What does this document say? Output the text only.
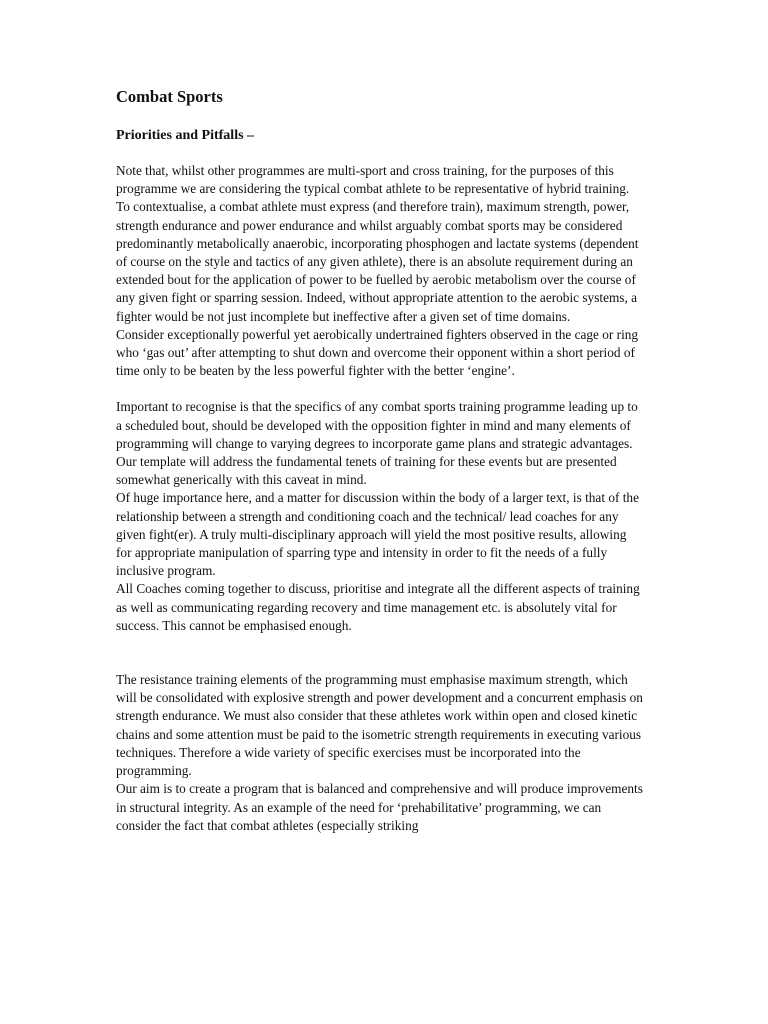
Combat Sports
Priorities and Pitfalls –

Note that, whilst other programmes are multi-sport and cross training, for the purposes of this programme we are considering the typical combat athlete to be representative of hybrid training.

To contextualise, a combat athlete must express (and therefore train), maximum strength, power, strength endurance and power endurance and whilst arguably combat sports may be considered predominantly metabolically anaerobic, incorporating phosphogen and lactate systems (dependent of course on the style and tactics of any given athlete), there is an absolute requirement during an extended bout for the application of power to be fuelled by aerobic metabolism over the course of any given fight or sparring session. Indeed, without appropriate attention to the aerobic systems, a fighter would be not just incomplete but ineffective after a given set of time domains.

Consider exceptionally powerful yet aerobically undertrained fighters observed in the cage or ring who ‘gas out’ after attempting to shut down and overcome their opponent within a short period of time only to be beaten by the less powerful fighter with the better ‘engine’.

Important to recognise is that the specifics of any combat sports training programme leading up to a scheduled bout, should be developed with the opposition fighter in mind and many elements of programming will change to varying degrees to incorporate game plans and strategic advantages. Our template will address the fundamental tenets of training for these events but are presented somewhat generically with this caveat in mind.

Of huge importance here, and a matter for discussion within the body of a larger text, is that of the relationship between a strength and conditioning coach and the technical/ lead coaches for any given fight(er). A truly multi-disciplinary approach will yield the most positive results, allowing for appropriate manipulation of sparring type and intensity in order to fit the needs of a fully inclusive program.

All Coaches coming together to discuss, prioritise and integrate all the different aspects of training as well as communicating regarding recovery and time management etc. is absolutely vital for success. This cannot be emphasised enough.

The resistance training elements of the programming must emphasise maximum strength, which will be consolidated with explosive strength and power development and a concurrent emphasis on strength endurance. We must also consider that these athletes work within open and closed kinetic chains and some attention must be paid to the isometric strength requirements in executing various techniques. Therefore a wide variety of specific exercises must be incorporated into the programming.

Our aim is to create a program that is balanced and comprehensive and will produce improvements in structural integrity. As an example of the need for ‘prehabilitative’ programming, we can consider the fact that combat athletes (especially striking
